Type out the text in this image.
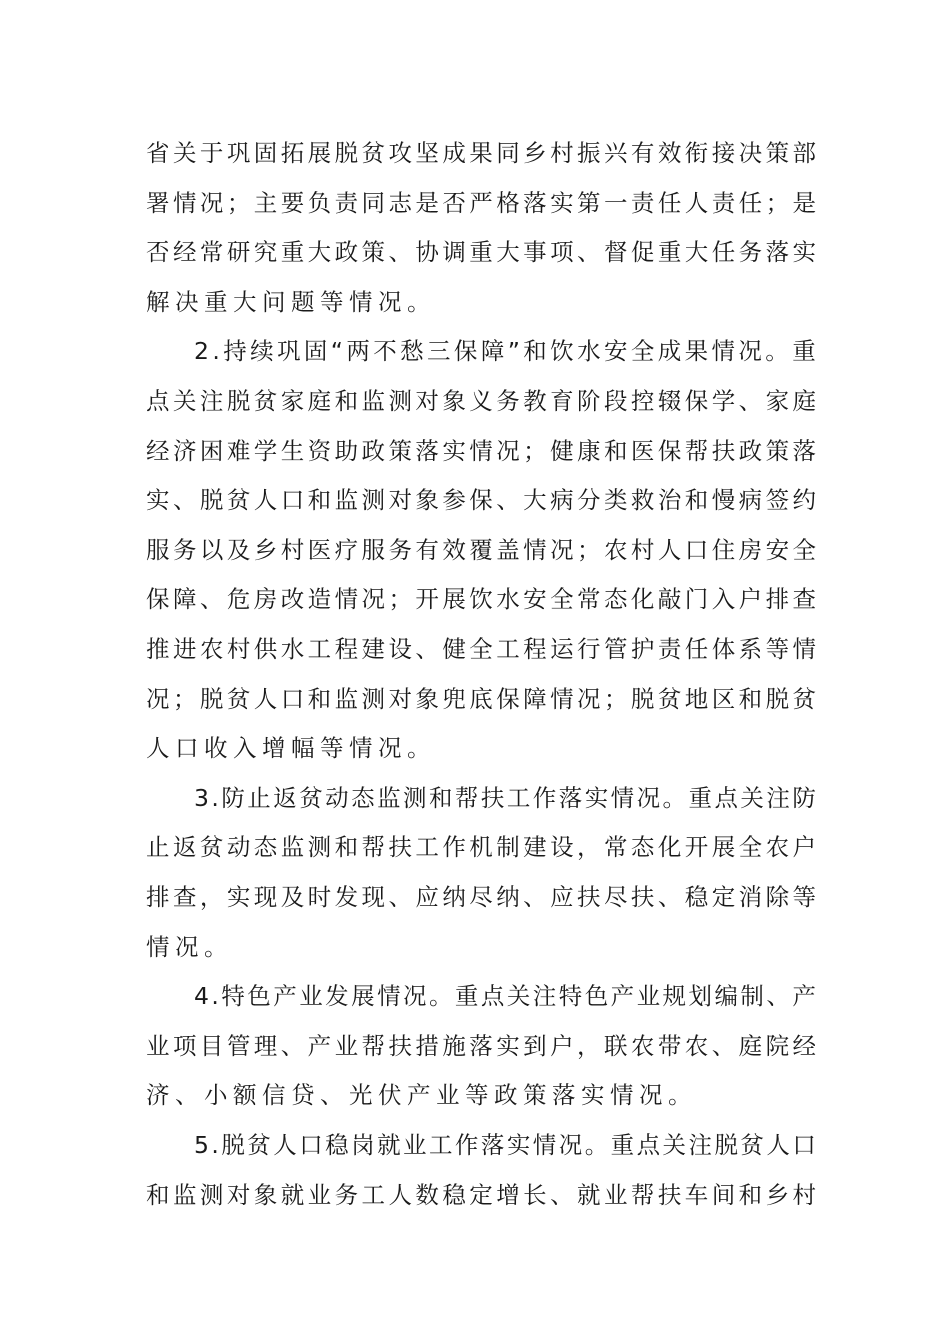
省 关 于 巩 固 拓 展 脱 贫 攻 坚 成 果 同 乡 村 振 兴 有 效 衔 接 决 策 部
署 情 况 ； 主 要 负 责 同 志 是 否 严 格 落 实 第 一 责 任 人 责 任 ； 是
否 经 常 研 究 重 大 政 策 、 协 调 重 大 事 项 、 督 促 重 大 任 务 落 实
解决重大问题等情况。
2 . 持 续 巩 固 “ 两 不 愁 三 保 障 ” 和 饮 水 安 全 成 果 情 况 。 重
点 关 注 脱 贫 家 庭 和 监 测 对 象 义 务 教 育 阶 段 控 辍 保 学 、 家 庭
经 济 困 难 学 生 资 助 政 策 落 实 情 况 ； 健 康 和 医 保 帮 扶 政 策 落
实 、 脱 贫 人 口 和 监 测 对 象 参 保 、 大 病 分 类 救 治 和 慢 病 签 约
服 务 以 及 乡 村 医 疗 服 务 有 效 覆 盖 情 况 ； 农 村 人 口 住 房 安 全
保 障 、 危 房 改 造 情 况 ； 开 展 饮 水 安 全 常 态 化 敲 门 入 户 排 查
推 进 农 村 供 水 工 程 建 设 、 健 全 工 程 运 行 管 护 责 任 体 系 等 情
况 ； 脱 贫 人 口 和 监 测 对 象 兜 底 保 障 情 况 ； 脱 贫 地 区 和 脱 贫
人口收入增幅等情况。
3 . 防 止 返 贫 动 态 监 测 和 帮 扶 工 作 落 实 情 况 。 重 点 关 注 防
止 返 贫 动 态 监 测 和 帮 扶 工 作 机 制 建 设 ， 常 态 化 开 展 全 农 户
排 查 ， 实 现 及 时 发 现 、 应 纳 尽 纳 、 应 扶 尽 扶 、 稳 定 消 除 等
情况。
4 . 特 色 产 业 发 展 情 况 。 重 点 关 注 特 色 产 业 规 划 编 制 、 产
业 项 目 管 理 、 产 业 帮 扶 措 施 落 实 到 户 ， 联 农 带 农 、 庭 院 经
济、小额信贷、光伏产业等政策落实情况。
5 . 脱 贫 人 口 稳 岗 就 业 工 作 落 实 情 况 。 重 点 关 注 脱 贫 人 口
和 监 测 对 象 就 业 务 工 人 数 稳 定 增 长 、 就 业 帮 扶 车 间 和 乡 村
